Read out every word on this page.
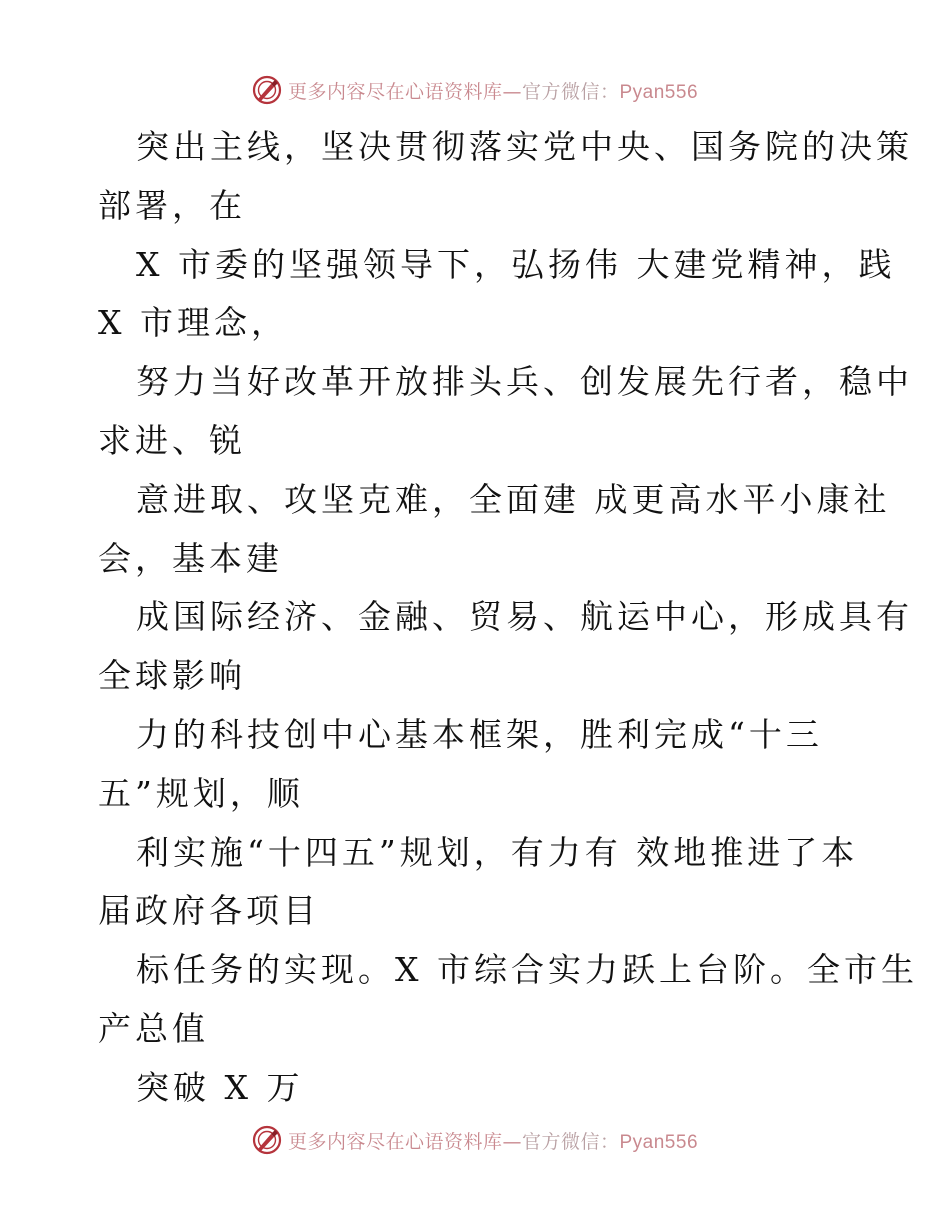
更多内容尽在心语资料库—官方微信：Pyan556
突出主线，坚决贯彻落实党中央、国务院的决策
部署，在
X 市委的坚强领导下，弘扬伟 大建党精神，践
X 市理念，
努力当好改革开放排头兵、创发展先行者，稳中
求进、锐
意进取、攻坚克难，全面建 成更高水平小康社
会，基本建
成国际经济、金融、贸易、航运中心，形成具有
全球影响
力的科技创中心基本框架，胜利完成“十三
五”规划，顺
利实施“十四五”规划，有力有 效地推进了本
届政府各项目
标任务的实现。X 市综合实力跃上台阶。全市生
产总值
突破 X 万
更多内容尽在心语资料库—官方微信：Pyan556
